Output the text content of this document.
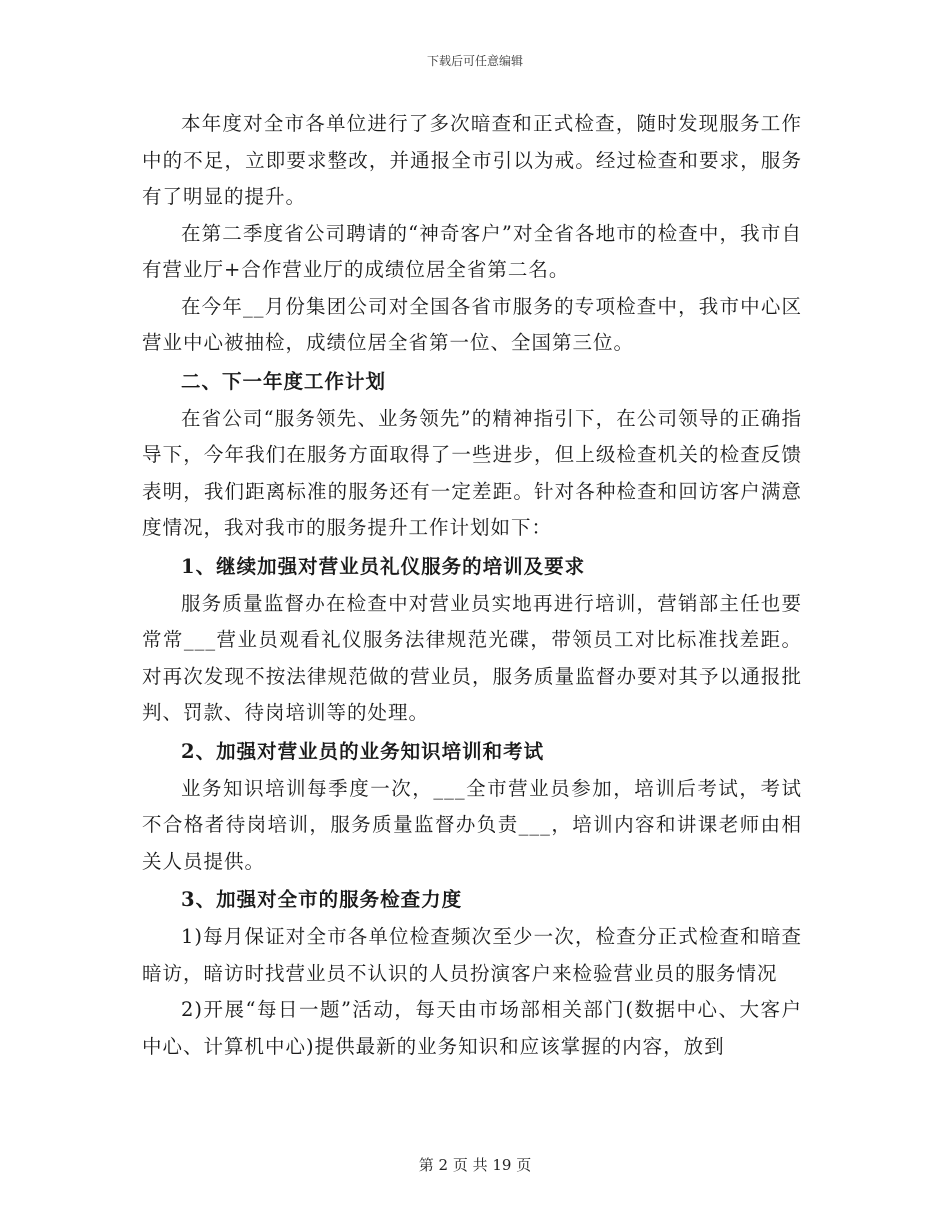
下载后可任意编辑

本年度对全市各单位进行了多次暗查和正式检查，随时发现服务工作中的不足，立即要求整改，并通报全市引以为戒。经过检查和要求，服务有了明显的提升。

在第二季度省公司聘请的“神奇客户”对全省各地市的检查中，我市自有营业厅+合作营业厅的成绩位居全省第二名。

在今年__月份集团公司对全国各省市服务的专项检查中，我市中心区营业中心被抽检，成绩位居全省第一位、全国第三位。

二、下一年度工作计划

在省公司“服务领先、业务领先”的精神指引下，在公司领导的正确指导下，今年我们在服务方面取得了一些进步，但上级检查机关的检查反馈表明，我们距离标准的服务还有一定差距。针对各种检查和回访客户满意度情况，我对我市的服务提升工作计划如下：

1、继续加强对营业员礼仪服务的培训及要求

服务质量监督办在检查中对营业员实地再进行培训，营销部主任也要常常___营业员观看礼仪服务法律规范光碟，带领员工对比标准找差距。对再次发现不按法律规范做的营业员，服务质量监督办要对其予以通报批判、罚款、待岗培训等的处理。

2、加强对营业员的业务知识培训和考试

业务知识培训每季度一次，___全市营业员参加，培训后考试，考试不合格者待岗培训，服务质量监督办负责___，培训内容和讲课老师由相关人员提供。

3、加强对全市的服务检查力度

1)每月保证对全市各单位检查频次至少一次，检查分正式检查和暗查暗访，暗访时找营业员不认识的人员扮演客户来检验营业员的服务情况

2)开展“每日一题”活动，每天由市场部相关部门(数据中心、大客户中心、计算机中心)提供最新的业务知识和应该掌握的内容，放到

第 2 页 共 19 页
